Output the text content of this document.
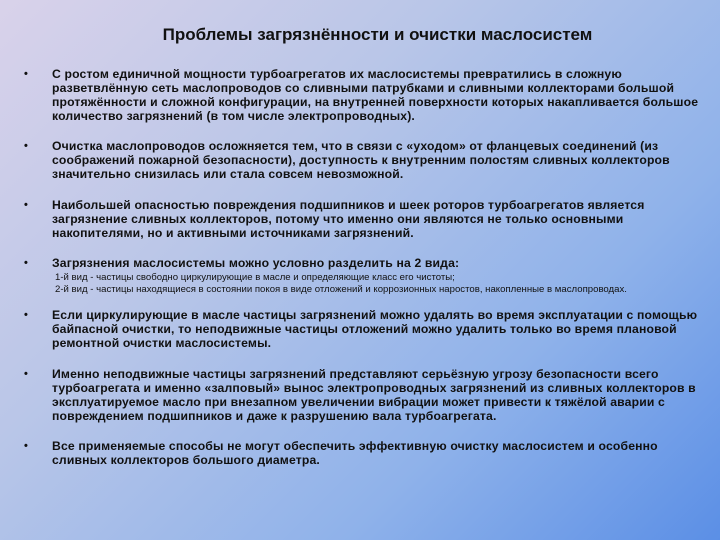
Проблемы загрязнённости и очистки маслосистем
• С ростом единичной мощности турбоагрегатов их маслосистемы превратились в сложную разветвлённую сеть маслопроводов со сливными патрубками и сливными коллекторами большой протяжённости и сложной конфигурации, на внутренней поверхности которых накапливается большое количество загрязнений (в том числе электропроводных).
• Очистка маслопроводов осложняется тем, что в связи с «уходом» от фланцевых соединений (из соображений пожарной безопасности), доступность к внутренним полостям сливных коллекторов значительно снизилась или стала совсем невозможной.
• Наибольшей опасностью повреждения подшипников и шеек роторов турбоагрегатов является загрязнение сливных коллекторов, потому что именно они являются не только основными накопителями, но и активными источниками загрязнений.
• Загрязнения маслосистемы можно условно разделить на 2 вида:
1-й вид - частицы свободно циркулирующие в масле и определяющие класс его чистоты;
2-й вид - частицы находящиеся в состоянии покоя в виде отложений и коррозионных наростов, накопленные в маслопроводах.
• Если циркулирующие в масле частицы загрязнений можно удалять во время эксплуатации с помощью байпасной очистки, то неподвижные частицы отложений можно удалить только во время плановой ремонтной очистки маслосистемы.
• Именно неподвижные частицы загрязнений представляют серьёзную угрозу безопасности всего турбоагрегата и именно «залповый» вынос электропроводных загрязнений из сливных коллекторов в эксплуатируемое масло при внезапном увеличении вибрации может привести к тяжёлой аварии с повреждением подшипников и даже к разрушению вала турбоагрегата.
• Все применяемые способы не могут обеспечить эффективную очистку маслосистем и особенно сливных коллекторов большого диаметра.
